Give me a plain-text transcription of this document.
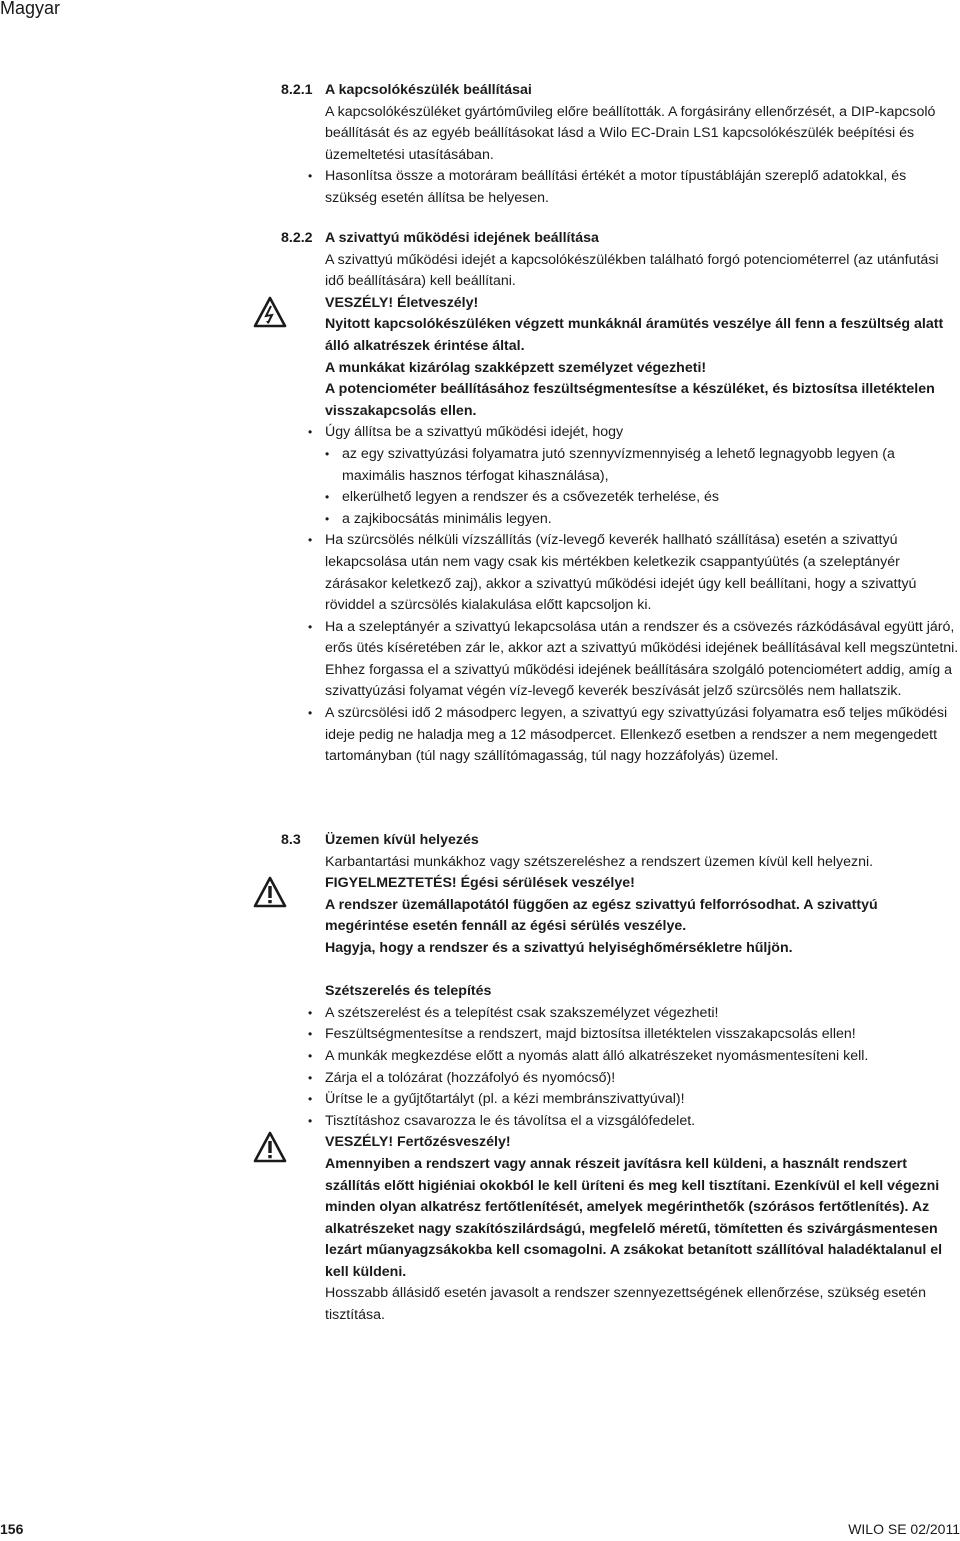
Magyar
8.2.1 A kapcsolókészülék beállításai

A kapcsolókészüléket gyártóművileg előre beállították. A forgásirány ellenőrzését, a DIP-kapcsoló beállítását és az egyéb beállításokat lásd a Wilo EC-Drain LS1 kapcsolókészülék beépítési és üzemeltetési utasításában.

• Hasonlítsa össze a motoráram beállítási értékét a motor típustábláján szereplő adatokkal, és szükség esetén állítsa be helyesen.
8.2.2 A szivattyú működési idejének beállítása

A szivattyú működési idejét a kapcsolókészülékben található forgó potenciométerrel (az utánfutási idő beállítására) kell beállítani.

VESZÉLY! Életveszély!

Nyitott kapcsolókészüléken végzett munkáknál áramütés veszélye áll fenn a feszültség alatt álló alkatrészek érintése által.

A munkákat kizárólag szakképzett személyzet végezheti!

A potenciométer beállításához feszültségmentesítse a készüléket, és biztosítsa illetéktelen visszakapcsolás ellen.

• Úgy állítsa be a szivattyú működési idejét, hogy
• az egy szivattyúzási folyamatra jutó szennyvízmennyiség a lehető legnagyobb legyen (a maximális hasznos térfogat kihasználása),
• elkerülhető legyen a rendszer és a csővezeték terhelése, és
• a zajkibocsátás minimális legyen.
• Ha szürcsölés nélküli vízszállítás (víz-levegő keverék hallható szállítása) esetén a szivattyú lekapcsolása után nem vagy csak kis mértékben keletkezik csappantyúütés (a szeleptányér zárásakor keletkező zaj), akkor a szivattyú működési idejét úgy kell beállítani, hogy a szivattyú röviddel a szürcsölés kialakulása előtt kapcsoljon ki.
• Ha a szeleptányér a szivattyú lekapcsolása után a rendszer és a csövezés rázkódásával együtt járó, erős ütés kíséretében zár le, akkor azt a szivattyú működési idejének beállításával kell megszüntetni. Ehhez forgassa el a szivattyú működési idejének beállítására szolgáló potenciométert addig, amíg a szivattyúzási folyamat végén víz-levegő keverék beszívását jelző szürcsölés nem hallatszik.
• A szürcsölési idő 2 másodperc legyen, a szivattyú egy szivattyúzási folyamatra eső teljes működési ideje pedig ne haladja meg a 12 másodpercet. Ellenkező esetben a rendszer a nem megengedett tartományban (túl nagy szállítómagasság, túl nagy hozzáfolyás) üzemel.
8.3 Üzemen kívül helyezés

Karbantartási munkákhoz vagy szétszereléshez a rendszert üzemen kívül kell helyezni.

FIGYELMEZTETÉS! Égési sérülések veszélye!

A rendszer üzemállapotától függően az egész szivattyú felforrósodhat. A szivattyú megérintése esetén fennáll az égési sérülés veszélye.

Hagyja, hogy a rendszer és a szivattyú helyiséghőmérsékletre hűljön.

Szétszerelés és telepítés

• A szétszerelést és a telepítést csak szakszemélyzet végezheti!
• Feszültségmentesítse a rendszert, majd biztosítsa illetéktelen visszakapcsolás ellen!
• A munkák megkezdése előtt a nyomás alatt álló alkatrészeket nyomásmentesíteni kell.
• Zárja el a tolózárat (hozzáfolyó és nyomócső)!
• Ürítse le a gyűjtőtartályt (pl. a kézi membránszivattyúval)!
• Tisztításhoz csavarozza le és távolítsa el a vizsgálófedelet.

VESZÉLY! Fertőzésveszély!

Amennyiben a rendszert vagy annak részeit javításra kell küldeni, a használt rendszert szállítás előtt higiéniai okokból le kell üríteni és meg kell tisztítani. Ezenkívül el kell végezni minden olyan alkatrész fertőtlenítését, amelyek megérinthetők (szórásos fertőtlenítés). Az alkatrészeket nagy szakítószilárdságú, megfelelő méretű, tömítetten és szivárgásmentesen lezárt műanyagzsákokba kell csomagolni. A zsákokat betanított szállítóval haladéktalanul el kell küldeni.

Hosszabb állásidő esetén javasolt a rendszer szennyezettségének ellenőrzése, szükség esetén tisztítása.

156	WILO SE 02/2011
